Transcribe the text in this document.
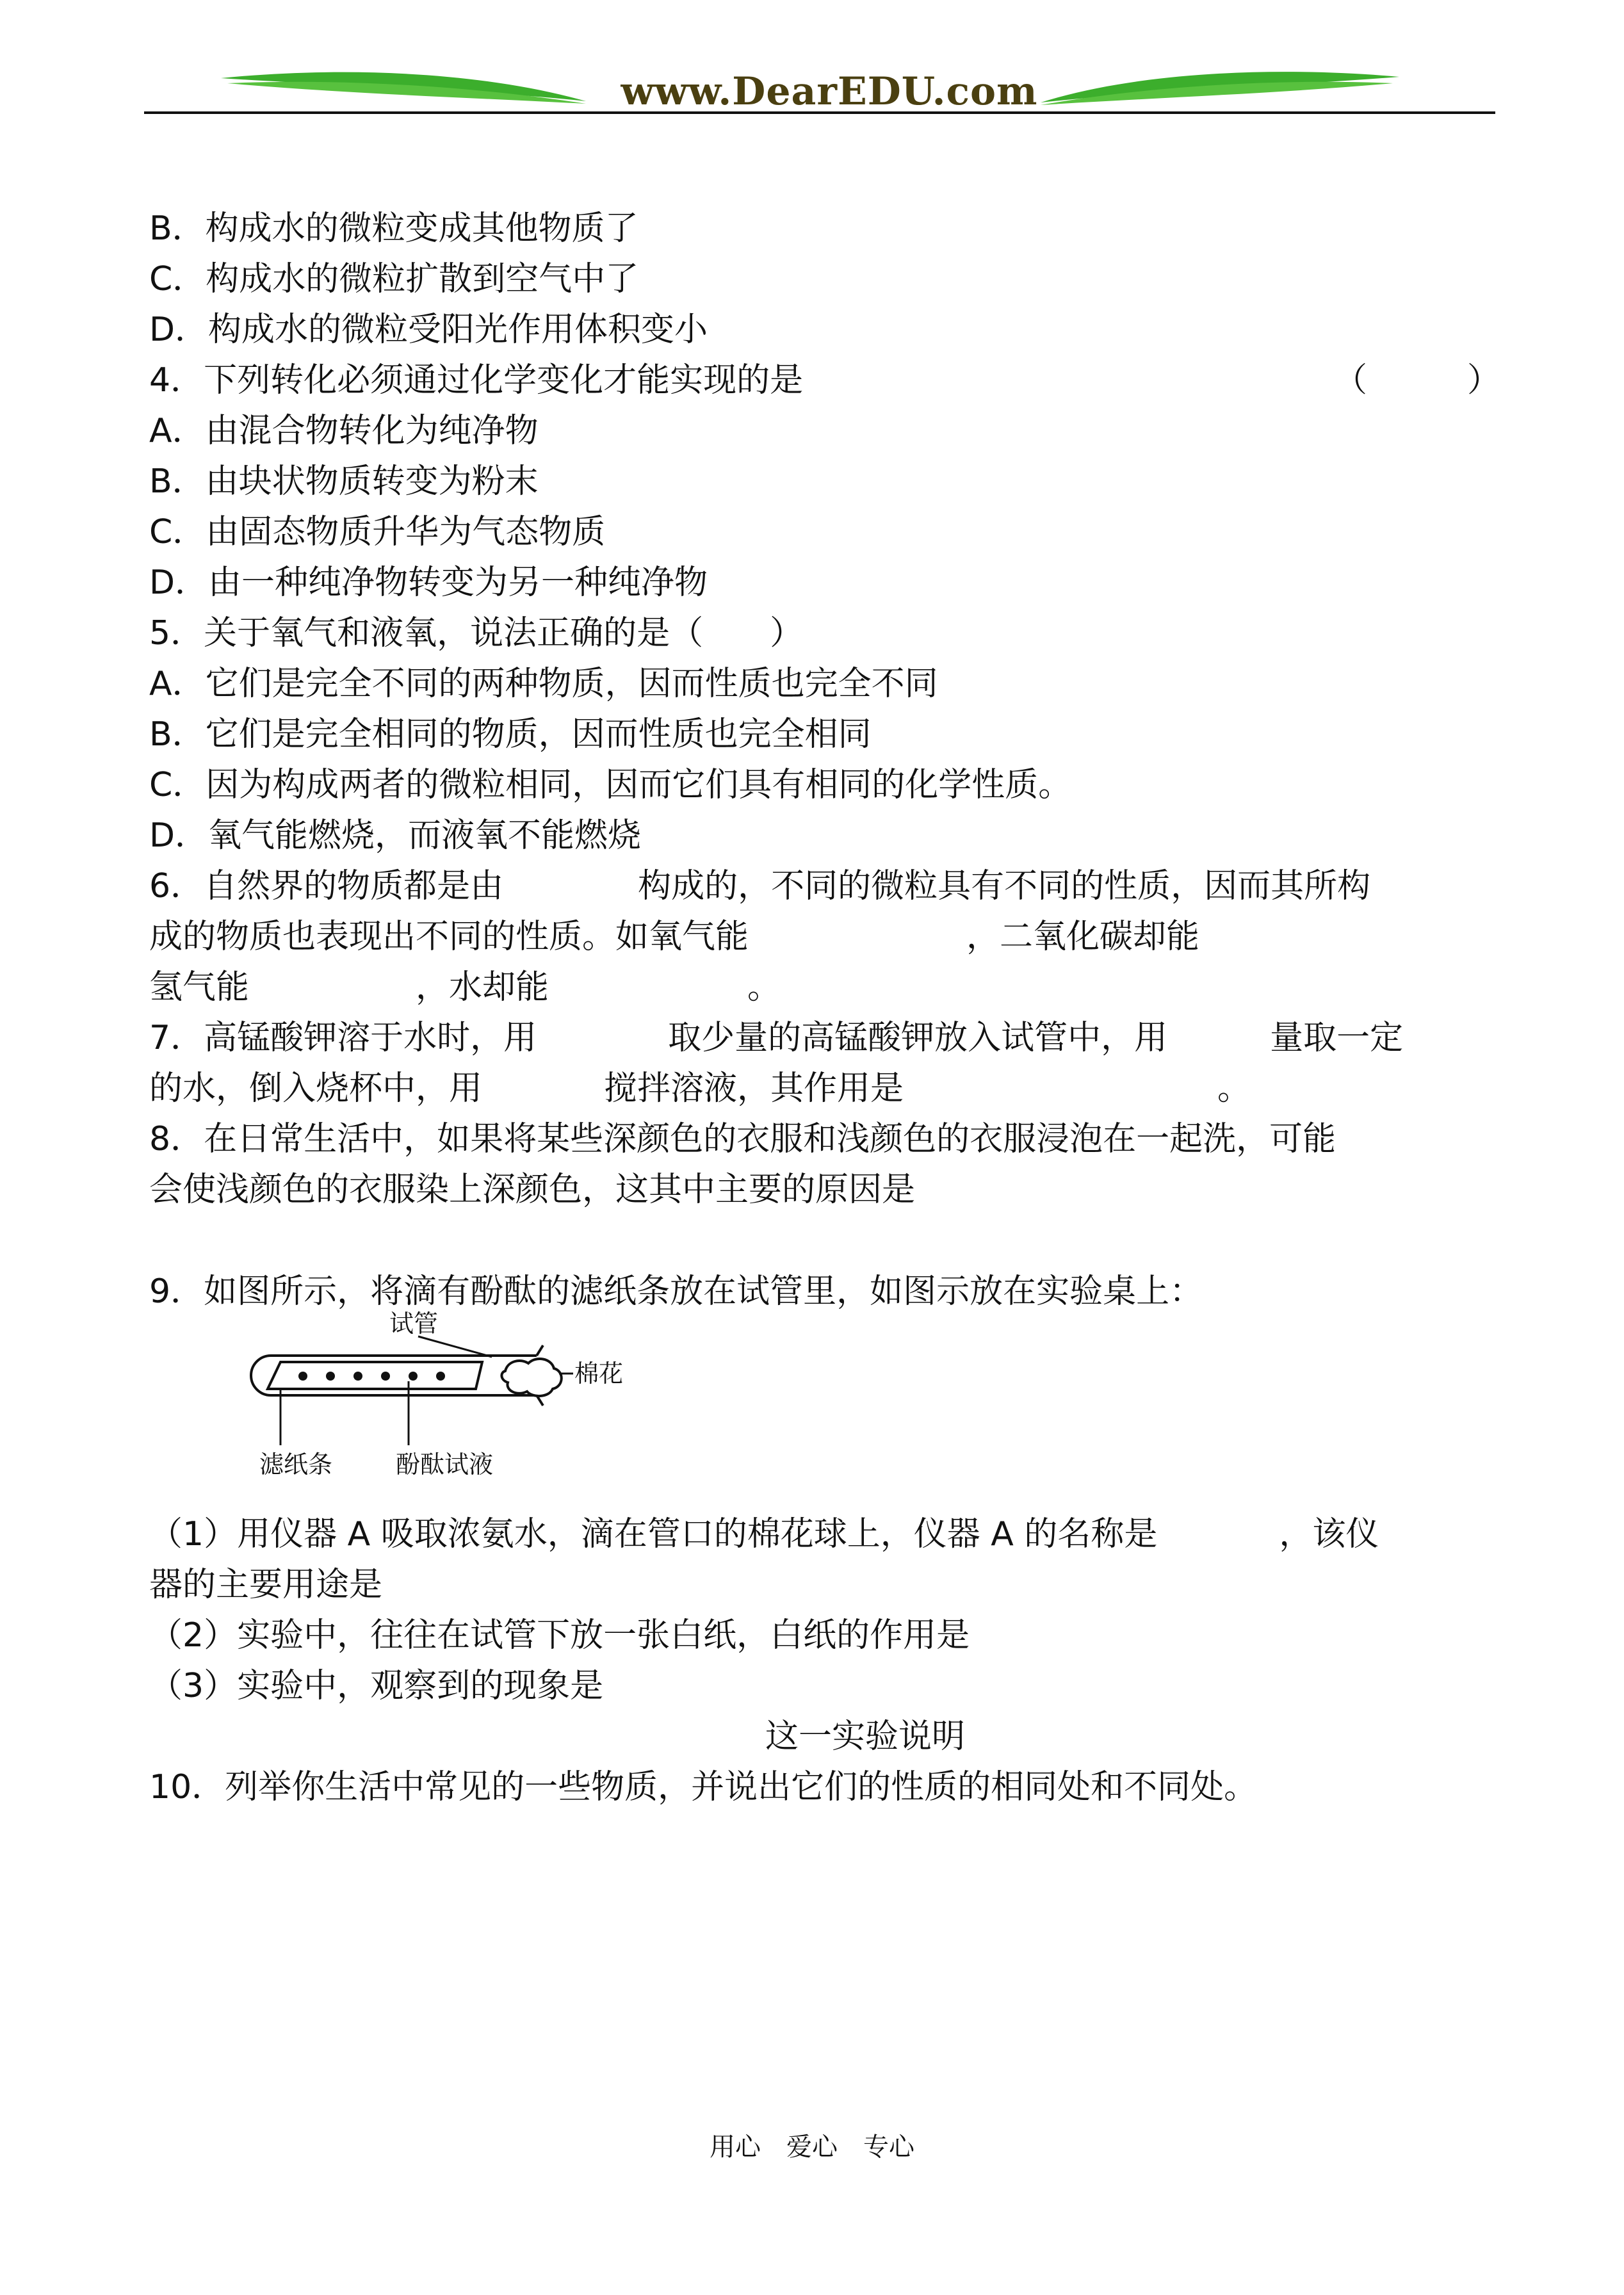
www.DearEDU.com
B．构成水的微粒变成其他物质了
C．构成水的微粒扩散到空气中了
D．构成水的微粒受阳光作用体积变小
4．下列转化必须通过化学变化才能实现的是	（　　　）
A．由混合物转化为纯净物
B．由块状物质转变为粉末
C．由固态物质升华为气态物质
D．由一种纯净物转变为另一种纯净物
5．关于氧气和液氧，说法正确的是（　　）
A．它们是完全不同的两种物质，因而性质也完全不同
B．它们是完全相同的物质，因而性质也完全相同
C．因为构成两者的微粒相同，因而它们具有相同的化学性质。
D．氧气能燃烧，而液氧不能燃烧
6．自然界的物质都是由	构成的，不同的微粒具有不同的性质，因而其所构
成的物质也表现出不同的性质。如氧气能	，二氧化碳却能
氢气能	，水却能	。
7．高锰酸钾溶于水时，用	取少量的高锰酸钾放入试管中，用	量取一定
的水，倒入烧杯中，用	搅拌溶液，其作用是	。
8．在日常生活中，如果将某些深颜色的衣服和浅颜色的衣服浸泡在一起洗，可能
会使浅颜色的衣服染上深颜色，这其中主要的原因是
9．如图所示，将滴有酚酞的滤纸条放在试管里，如图示放在实验桌上：
试管
棉花
滤纸条	酚酞试液
（1）用仪器 A 吸取浓氨水，滴在管口的棉花球上，仪器 A 的名称是	，该仪
器的主要用途是
（2）实验中，往往在试管下放一张白纸，白纸的作用是
（3）实验中，观察到的现象是
这一实验说明
10．列举你生活中常见的一些物质，并说出它们的性质的相同处和不同处。
用心　爱心　专心
